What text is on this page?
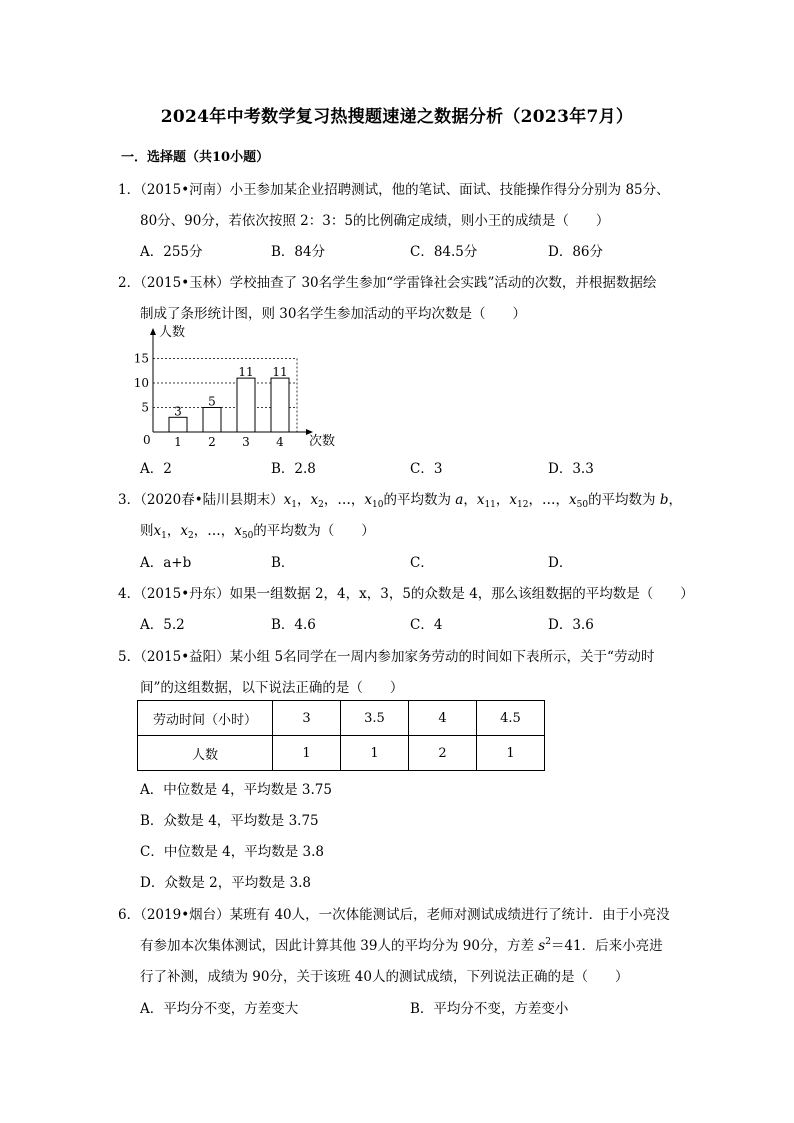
2024年中考数学复习热搜题速递之数据分析（2023年7月）
一．选择题（共10小题）
1．（2015•河南）小王参加某企业招聘测试，他的笔试、面试、技能操作得分分别为 85分、
80分、90分，若依次按照 2：3：5的比例确定成绩，则小王的成绩是（　　）
A．255分	B．84分	C．84.5分	D．86分
2．（2015•玉林）学校抽查了 30名学生参加“学雷锋社会实践”活动的次数，并根据数据绘
制成了条形统计图，则 30名学生参加活动的平均次数是（　　）
人数
次数
0
5
10
15
3
1
5
2
11
3
11
4
A．2	B．2.8	C．3	D．3.3
3．（2020春•陆川县期末）$x_1$，$x_2$，…，$x_{10}$的平均数为 a，$x_{11}$，$x_{12}$，…，$x_{50}$的平均数为 b，
则$x_1$，$x_2$，…，$x_{50}$的平均数为（　　）
A．a+b	B．	C．	D．
4．（2015•丹东）如果一组数据 2，4，x，3，5的众数是 4，那么该组数据的平均数是（　　）
A．5.2	B．4.6	C．4	D．3.6
5．（2015•益阳）某小组 5名同学在一周内参加家务劳动的时间如下表所示，关于“劳动时
间”的这组数据，以下说法正确的是（　　）
劳动时间（小时）	3	3.5	4	4.5
人数	1	1	2	1
A．中位数是 4，平均数是 3.75
B．众数是 4，平均数是 3.75
C．中位数是 4，平均数是 3.8
D．众数是 2，平均数是 3.8
6．（2019•烟台）某班有 40人，一次体能测试后，老师对测试成绩进行了统计．由于小亮没
有参加本次集体测试，因此计算其他 39人的平均分为 90分，方差 $s^2=41$．后来小亮进
行了补测，成绩为 90分，关于该班 40人的测试成绩，下列说法正确的是（　　）
A．平均分不变，方差变大	B．平均分不变，方差变小
